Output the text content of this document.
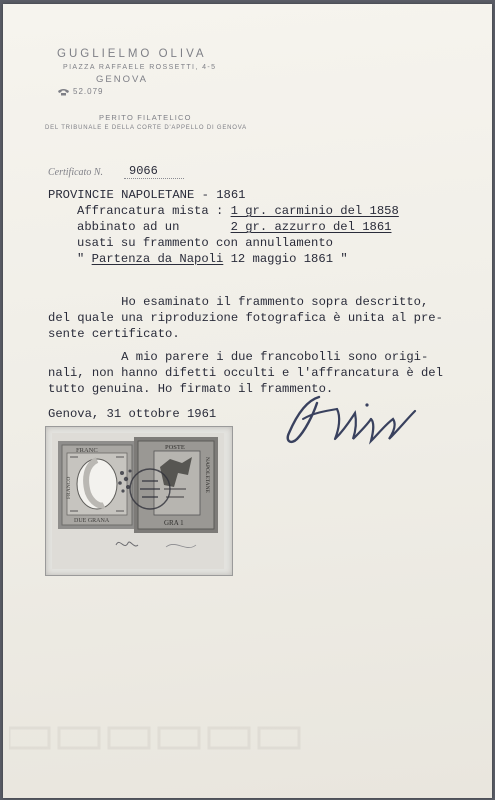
GUGLIELMO OLIVA
PIAZZA RAFFAELE ROSSETTI, 4-5
GENOVA
52.079
PERITO FILATELICO
DEL TRIBUNALE E DELLA CORTE D'APPELLO DI GENOVA
Certificato N. 9066
PROVINCIE NAPOLETANE - 1861
Affrancatura mista : 1 gr. carminio del 1858
abbinato ad un       2 gr. azzurro del 1861
usati su frammento con annullamento
" Partenza da Napoli 12 maggio 1861 "
Ho esaminato il frammento sopra descritto,
del quale una riproduzione fotografica è unita al pre-
sente certificato.
A mio parere i due francobolli sono origi-
nali, non hanno difetti occulti e l'affrancatura è del
tutto genuina. Ho firmato il frammento.
Genova, 31 ottobre 1961
FRANC
DUE GRANA
FRANCO
POSTE
GRA 1
NAPOLETANE
